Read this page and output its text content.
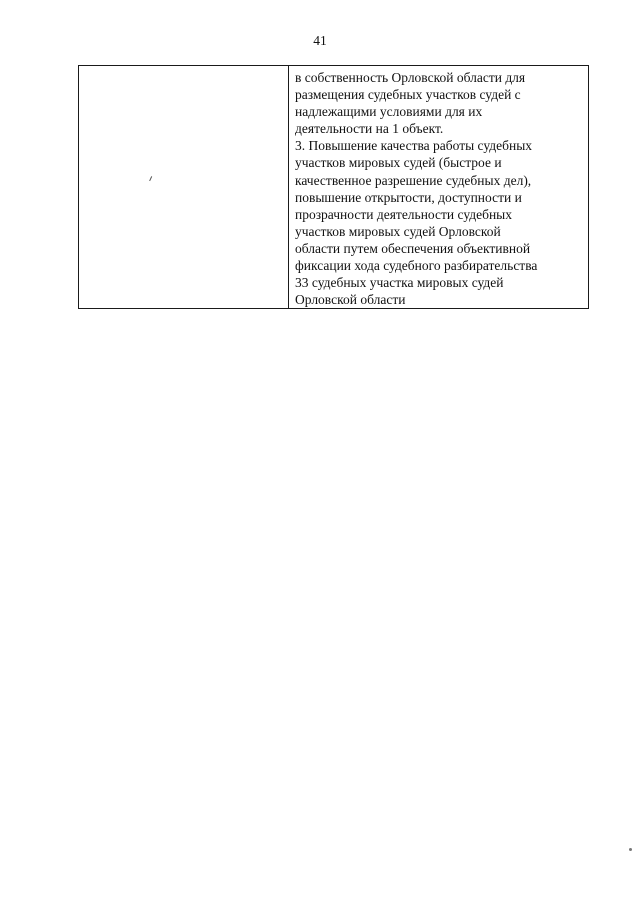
41
в собственность Орловской области для
размещения судебных участков судей с
надлежащими условиями для их
деятельности на 1 объект.
3. Повышение качества работы судебных
участков мировых судей (быстрое и
качественное разрешение судебных дел),
повышение открытости, доступности и
прозрачности деятельности судебных
участков мировых судей Орловской
области путем обеспечения объективной
фиксации хода судебного разбирательства
33 судебных участка мировых судей
Орловской области
